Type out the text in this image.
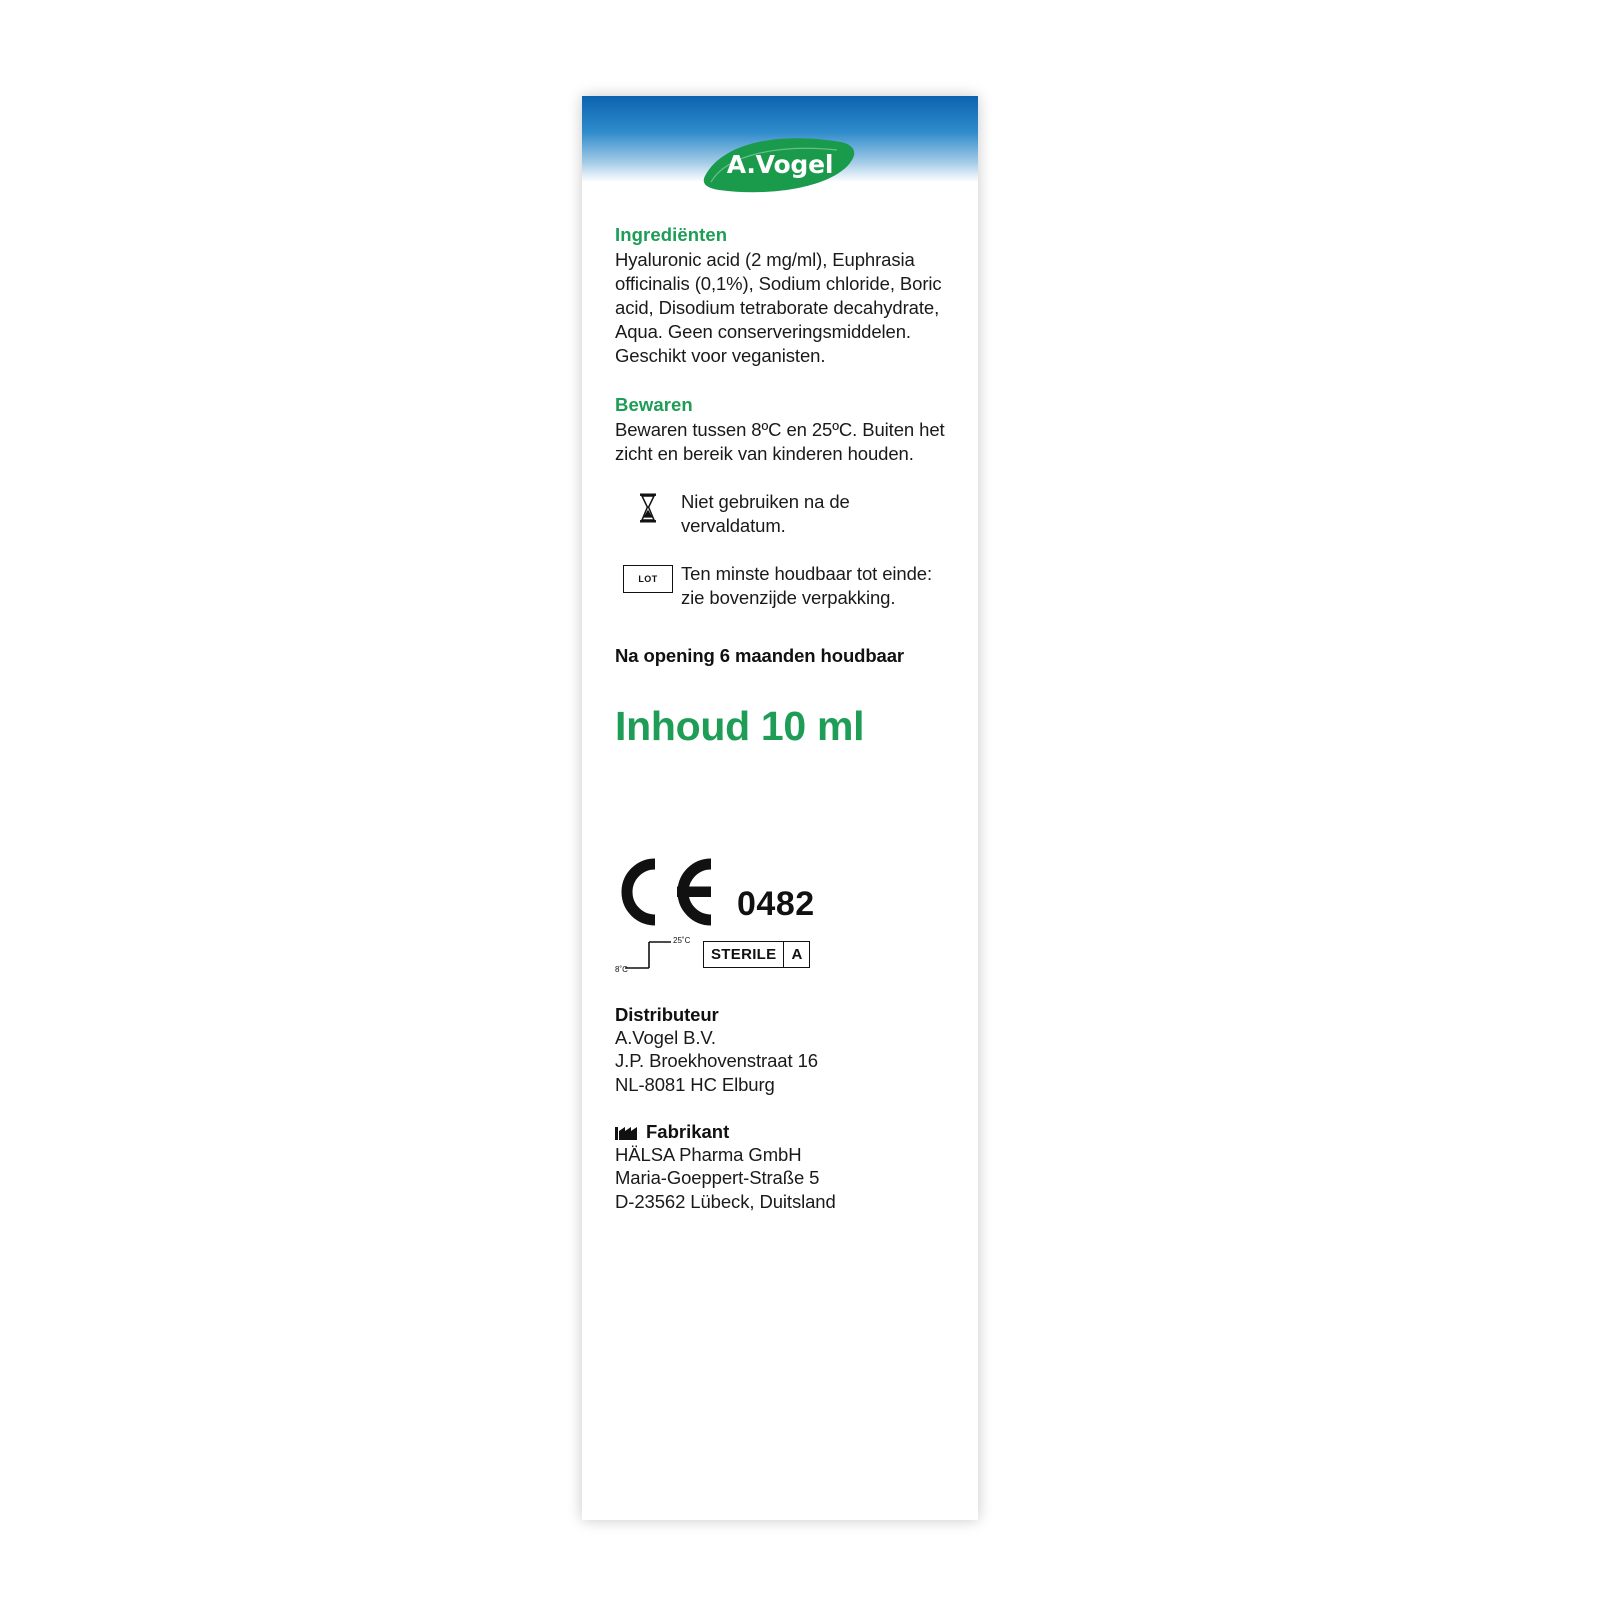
A.Vogel

Ingrediënten

Hyaluronic acid (2 mg/ml), Euphrasia officinalis (0,1%), Sodium chloride, Boric acid, Disodium tetraborate decahydrate, Aqua. Geen conserveringsmiddelen. Geschikt voor veganisten.

Bewaren

Bewaren tussen 8ºC en 25ºC. Buiten het zicht en bereik van kinderen houden.

Niet gebruiken na de vervaldatum.
LOT	Ten minste houdbaar tot einde: zie bovenzijde verpakking.
Na opening 6 maanden houdbaar
Inhoud 10 ml
0482
25˚C
8˚C
STERILE	A
Distributeur
A.Vogel B.V.
J.P. Broekhovenstraat 16
NL-8081 HC Elburg
Fabrikant
HÄLSA Pharma GmbH
Maria-Goeppert-Straße 5
D-23562 Lübeck, Duitsland
